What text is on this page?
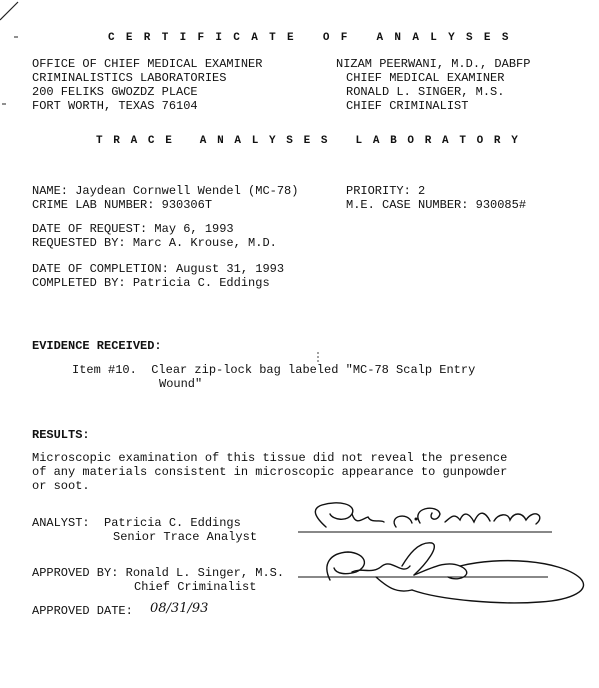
CERTIFICATE OF ANALYSES
OFFICE OF CHIEF MEDICAL EXAMINER
CRIMINALISTICS LABORATORIES
200 FELIKS GWOZDZ PLACE
FORT WORTH, TEXAS 76104
NIZAM PEERWANI, M.D., DABFP
CHIEF MEDICAL EXAMINER
RONALD L. SINGER, M.S.
CHIEF CRIMINALIST
TRACE ANALYSES LABORATORY
NAME: Jaydean Cornwell Wendel (MC-78)
CRIME LAB NUMBER: 930306T
PRIORITY: 2
M.E. CASE NUMBER: 930085#
DATE OF REQUEST: May 6, 1993
REQUESTED BY: Marc A. Krouse, M.D.
DATE OF COMPLETION: August 31, 1993
COMPLETED BY: Patricia C. Eddings
EVIDENCE RECEIVED:
Item #10.  Clear zip-lock bag labeled "MC-78 Scalp Entry
Wound"
RESULTS:
Microscopic examination of this tissue did not reveal the presence
of any materials consistent in microscopic appearance to gunpowder
or soot.
ANALYST:  Patricia C. Eddings
Senior Trace Analyst
APPROVED BY: Ronald L. Singer, M.S.
Chief Criminalist
APPROVED DATE: 08/31/93
